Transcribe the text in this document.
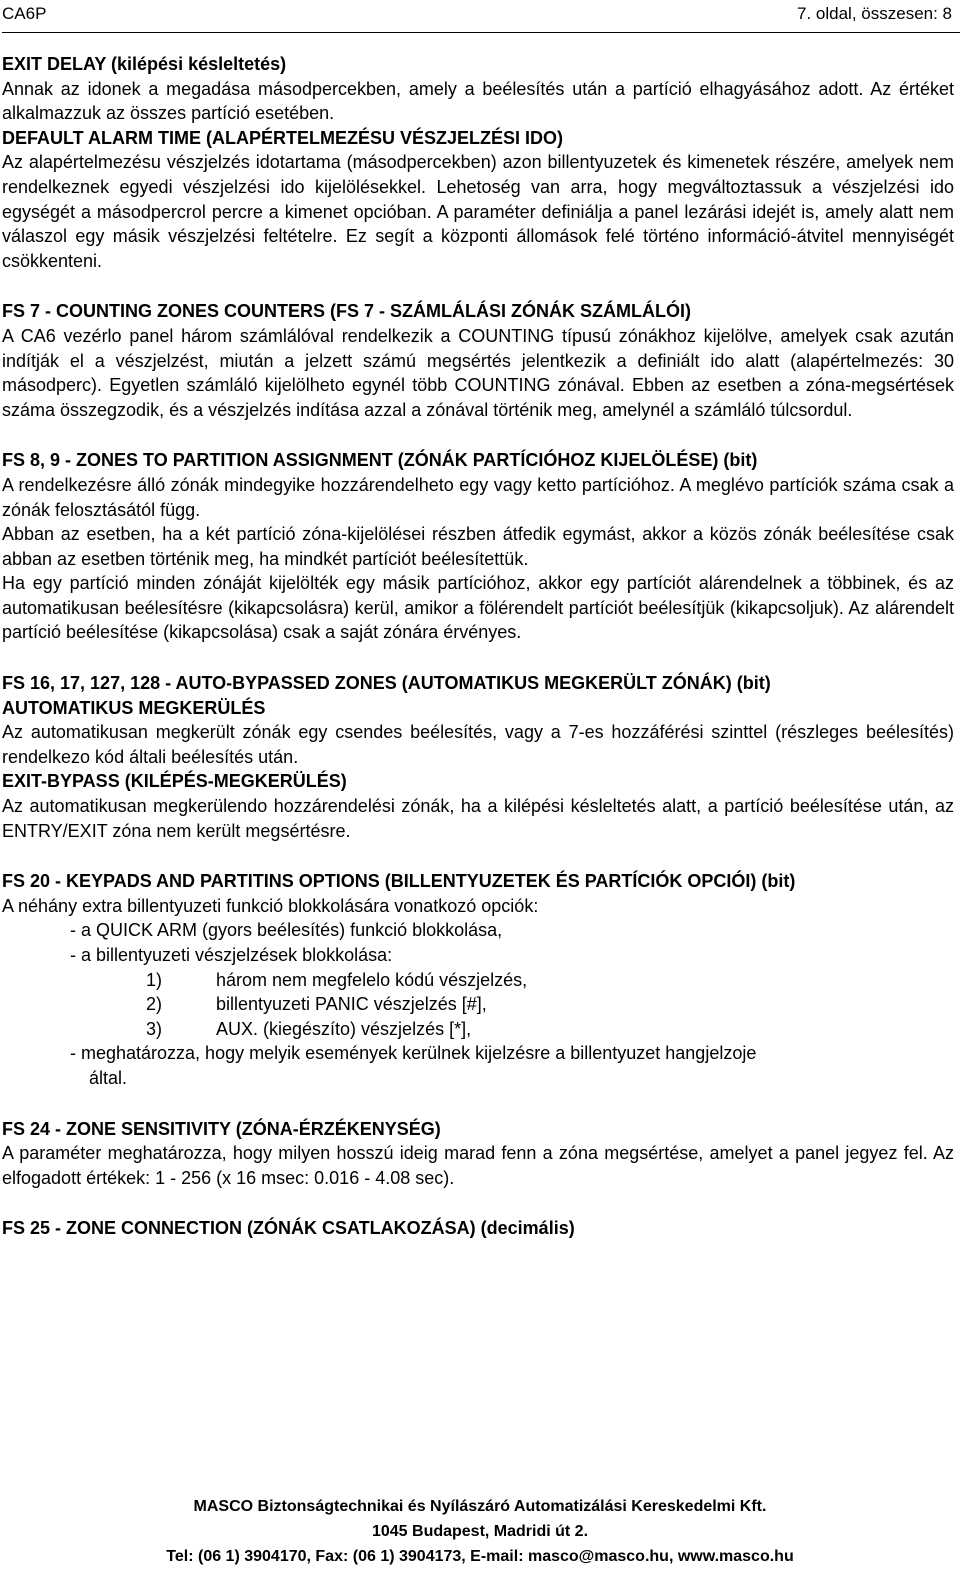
CA6P	7. oldal, összesen: 8

EXIT DELAY (kilépési késleltetés)

Annak az idonek a megadása másodpercekben, amely a beélesítés után a partíció elhagyásához adott. Az értéket alkalmazzuk az összes partíció esetében.

DEFAULT ALARM TIME (ALAPÉRTELMEZÉSU VÉSZJELZÉSI IDO)

Az alapértelmezésu vészjelzés idotartama (másodpercekben) azon billentyuzetek és kimenetek részére, amelyek nem rendelkeznek egyedi vészjelzési ido kijelölésekkel. Lehetoség van arra, hogy megváltoztassuk a vészjelzési ido egységét a másodpercrol percre a kimenet opcióban. A paraméter definiálja a panel lezárási idejét is, amely alatt nem válaszol egy másik vészjelzési feltételre. Ez segít a központi állomások felé történo információ-átvitel mennyiségét csökkenteni.

FS 7 - COUNTING ZONES COUNTERS (FS 7 - SZÁMLÁLÁSI ZÓNÁK SZÁMLÁLÓI)

A CA6 vezérlo panel három számlálóval rendelkezik a COUNTING típusú zónákhoz kijelölve, amelyek csak azután indítják el a vészjelzést, miután a jelzett számú megsértés jelentkezik a definiált ido alatt (alapértelmezés: 30 másodperc). Egyetlen számláló kijelölheto egynél több COUNTING zónával. Ebben az esetben a zóna-megsértések száma összegzodik, és a vészjelzés indítása azzal a zónával történik meg, amelynél a számláló túlcsordul.

FS 8, 9 - ZONES TO PARTITION ASSIGNMENT (ZÓNÁK PARTÍCIÓHOZ KIJELÖLÉSE) (bit)

A rendelkezésre álló zónák mindegyike hozzárendelheto egy vagy ketto partícióhoz. A meglévo partíciók száma csak a zónák felosztásától függ.

Abban az esetben, ha a két partíció zóna-kijelölései részben átfedik egymást, akkor a közös zónák beélesítése csak abban az esetben történik meg, ha mindkét partíciót beélesítettük.

Ha egy partíció minden zónáját kijelölték egy másik partícióhoz, akkor egy partíciót alárendelnek a többinek, és az automatikusan beélesítésre (kikapcsolásra) kerül, amikor a fölérendelt partíciót beélesítjük (kikapcsoljuk). Az alárendelt partíció beélesítése (kikapcsolása) csak a saját zónára érvényes.

FS 16, 17, 127, 128 - AUTO-BYPASSED ZONES (AUTOMATIKUS MEGKERÜLT ZÓNÁK) (bit)

AUTOMATIKUS MEGKERÜLÉS

Az automatikusan megkerült zónák egy csendes beélesítés, vagy a 7-es hozzáférési szinttel (részleges beélesítés) rendelkezo kód általi beélesítés után.

EXIT-BYPASS (KILÉPÉS-MEGKERÜLÉS)

Az automatikusan megkerülendo hozzárendelési zónák, ha a kilépési késleltetés alatt, a partíció beélesítése után, az ENTRY/EXIT zóna nem került megsértésre.

FS 20 - KEYPADS AND PARTITINS OPTIONS (BILLENTYUZETEK ÉS PARTÍCIÓK OPCIÓI) (bit)

A néhány extra billentyuzeti funkció blokkolására vonatkozó opciók:

- a QUICK ARM (gyors beélesítés) funkció blokkolása,
- a billentyuzeti vészjelzések blokkolása:
1)	három nem megfelelo kódú vészjelzés,
2)	billentyuzeti PANIC vészjelzés [#],
3)	AUX. (kiegészíto) vészjelzés [*],
- meghatározza, hogy melyik események kerülnek kijelzésre a billentyuzet hangjelzoje
által.

FS 24 - ZONE SENSITIVITY (ZÓNA-ÉRZÉKENYSÉG)

A paraméter meghatározza, hogy milyen hosszú ideig marad fenn a zóna megsértése, amelyet a panel jegyez fel. Az elfogadott értékek: 1 - 256 (x 16 msec: 0.016 - 4.08 sec).

FS 25 - ZONE CONNECTION (ZÓNÁK CSATLAKOZÁSA) (decimális)

MASCO Biztonságtechnikai és Nyílászáró Automatizálási Kereskedelmi Kft.
1045 Budapest, Madridi út 2.
Tel: (06 1) 3904170, Fax: (06 1) 3904173, E-mail: masco@masco.hu, www.masco.hu
